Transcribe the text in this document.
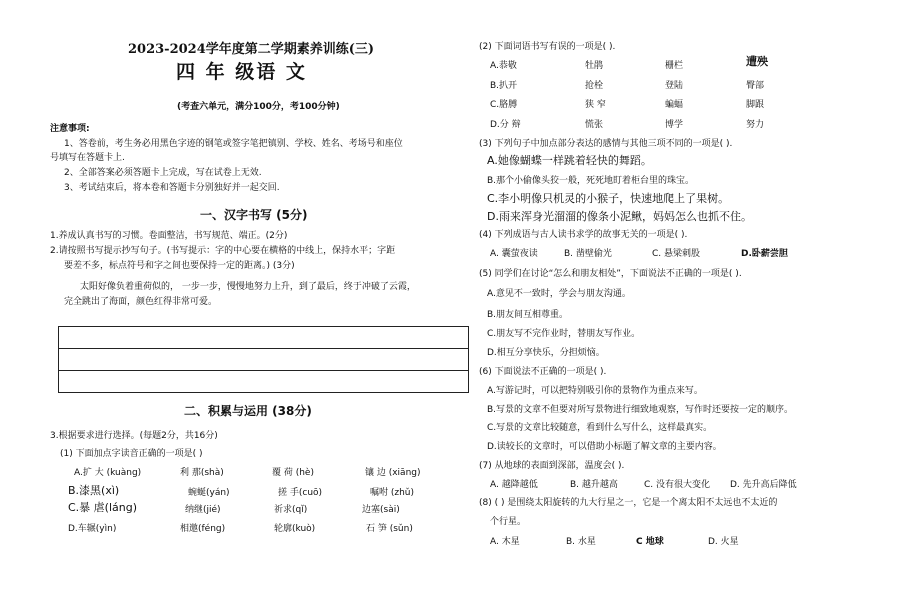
2023-2024学年度第二学期素养训练(三)
四 年 级语 文
(考查六单元，满分100分，考100分钟)
注意事项:
1、答卷前，考生务必用黑色字迹的钢笔或签字笔把镇别、学校、姓名、考场号和座位
号填写在答题卡上.
2、全部答案必须答题卡上完成，写在试卷上无效.
3、考试结束后，将本卷和答题卡分别独好并一起交回.
一、汉字书写 (5分)
1.养成认真书写的习惯。卷面整洁，书写规范、端正。(2分)
2.请按照书写提示抄写句子。(书写提示：字的中心要在横格的中线上，保持水平；字距
要差不多，标点符号和字之间也要保持一定的距离。) (3分)
太阳好像负着重荷似的， 一步一步，慢慢地努力上升，到了最后，终于冲破了云霞，
完全跳出了海面，颜色红得非常可爱。
二、积累与运用 (38分)
3.根据要求进行选择。(每题2分，共16分)
(1) 下面加点字读音正确的一项是( )
A.扩 大 (kuàng)	利 那(shà)	覆 荷 (hè)	镶 边 (xiāng)
B.漆黑(xì)	蜿蜒(yán)	搓 手(cuō)	嘱咐 (zhǔ)
C.暴 虐(láng)	纳继(jié)	祈求(qǐ)	边塞(sài)
D.车辗(yìn)	相邀(féng)	轮廓(kuò)	石 笋 (sǔn)
(2) 下面词语书写有误的一项是( ).
A.恭敬	牡鹃	栅栏	遭殃
B.扒开	抢栓	登陆	臀部
C.胳膊	狭 窄	蝙蝠	脚跟
D.分 辩	慌张	博学	努力
(3) 下列句子中加点部分表达的感情与其他三项不同的一项是( ).
A.她像蝴蝶一样跳着轻快的舞蹈。
B.那个小偷像头狡一般，死死地盯着柜台里的珠宝。
C.李小明像只机灵的小猴子，快速地爬上了果树。
D.雨来浑身光溜溜的像条小泥鳅，妈妈怎么也抓不住。
(4) 下列成语与古人读书求学的故事无关的一项是( ).
A. 囊萤夜读	B. 凿壁偷光	C. 悬梁刺股	D.卧薪尝胆
(5) 同学们在讨论“怎么和朋友相处”，下面说法不正确的一项是( ).
A.意见不一致时，学会与朋友沟通。
B.朋友间互相尊重。
C.朋友写不完作业时，替朋友写作业。
D.相互分享快乐，分担烦恼。
(6) 下面说法不正确的一项是( ).
A.写游记时，可以把特别吸引你的景物作为重点来写。
B.写景的文章不但要对所写景物进行细致地观察，写作时还要按一定的顺序。
C.写景的文章比较随意，看到什么写什么，这样最真实。
D.读较长的文章时，可以借助小标题了解文章的主要内容。
(7) 从地球的表面到深部，温度会( ).
A. 越降越低	B. 越升越高	C. 没有很大变化 D. 先升高后降低
(8) ( ) 是围绕太阳旋转的九大行星之一，它是一个离太阳不太远也不太近的
个行星。
A. 木星	B. 水星	C 地球	D. 火星
